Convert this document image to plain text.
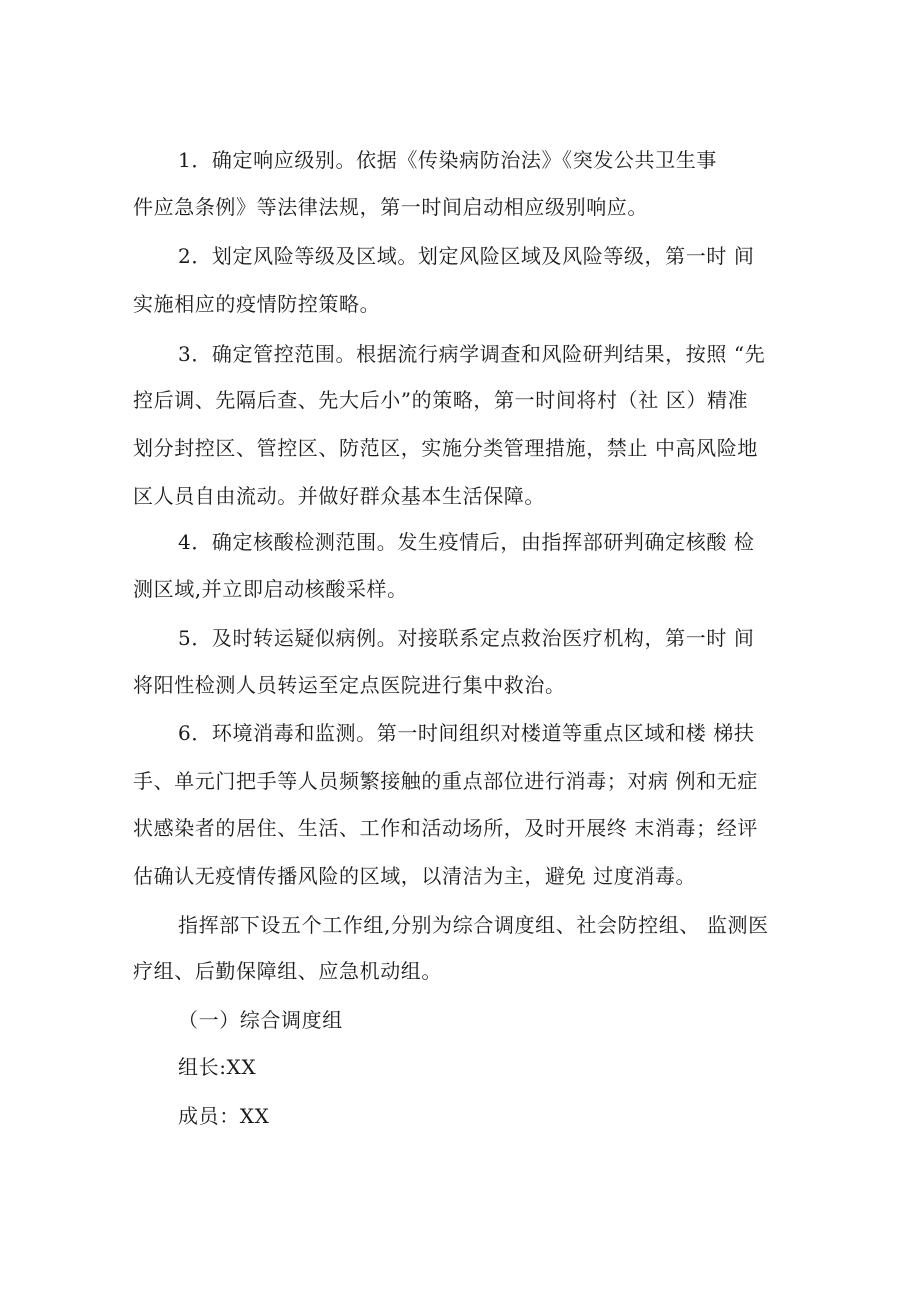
1．确定响应级别。依据《传染病防治法》《突发公共卫生事
件应急条例》等法律法规，第一时间启动相应级别响应。
2．划定风险等级及区域。划定风险区域及风险等级，第一时 间
实施相应的疫情防控策略。
3．确定管控范围。根据流行病学调查和风险研判结果，按照 “先
控后调、先隔后查、先大后小”的策略，第一时间将村（社 区）精准
划分封控区、管控区、防范区，实施分类管理措施，禁止 中高风险地
区人员自由流动。并做好群众基本生活保障。
4．确定核酸检测范围。发生疫情后，由指挥部研判确定核酸 检
测区域,并立即启动核酸采样。
5．及时转运疑似病例。对接联系定点救治医疗机构，第一时 间
将阳性检测人员转运至定点医院进行集中救治。
6．环境消毒和监测。第一时间组织对楼道等重点区域和楼 梯扶
手、单元门把手等人员频繁接触的重点部位进行消毒；对病 例和无症
状感染者的居住、生活、工作和活动场所，及时开展终 末消毒；经评
估确认无疫情传播风险的区域，以清洁为主，避免 过度消毒。
指挥部下设五个工作组,分别为综合调度组、社会防控组、 监测医
疗组、后勤保障组、应急机动组。
（一）综合调度组
组长:XX
成员：XX
